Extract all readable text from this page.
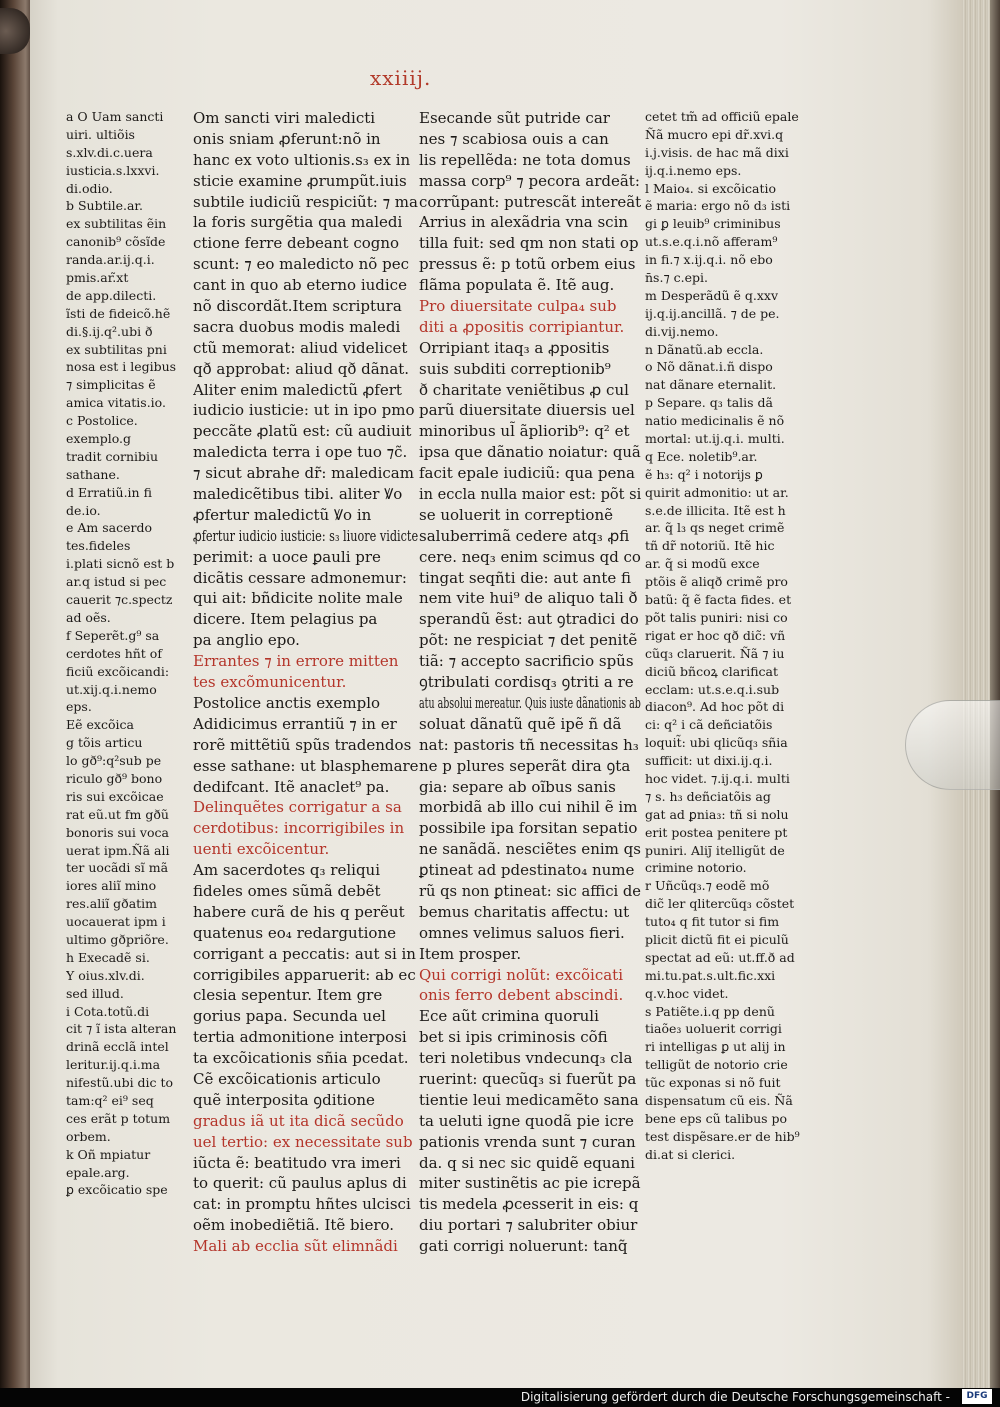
xxiiij.
a O Uam sancti
uiri. ultiõis
s.xlv.di.c.uera
iusticia.s.lxxvi.
di.odio.
b Subtile.ar.
ex subtilitas ẽin
canonib⁹ cõsĩde
randa.ar.ij.q.i.
pmis.ar.̃xt
de app.dilecti.
ĩsti de fideicõ.hẽ
di.§.ij.q².ubi ð
ex subtilitas pni
nosa est i legibus
⁊ simplicitas ẽ
amica vitatis.io.
c Postolice.
exemplo.g
tradit cornibiu
sathane.
d Erratiũ.in fi
de.io.
e Am sacerdo
tes.fideles
i.plati sicnõ est b
ar.q istud si pec
cauerit ⁊c.spectz
ad oẽs.
f Seperẽt.g⁹ sa
cerdotes hñt of
ficiũ excõicandi:
ut.xij.q.i.nemo
eps.
Eẽ excõica
g tõis articu
lo gð⁹:q²sub pe
riculo gð⁹ bono
ris sui excõicae
rat eũ.ut fm gðũ
bonoris sui voca
uerat ipm.Ñã ali
ter uocãdi sĩ mã
iores aliĩ mino
res.aliĩ gðatim
uocauerat ipm i
ultimo gðpriõre.
h Execadẽ si.
Y oius.xlv.di.
sed illud.
i Cota.totũ.di
cit ⁊ ĩ ista alteran
drinã ecclã intel
leritur.ij.q.i.ma
nifestũ.ubi dic to
tam:q² ei⁹ seq
ces erãt p totum
orbem.
k Oñ mpiatur
epale.arg.
ꝑ excõicatio spe
Om sancti viri maledicti
onis sniam ꝓferunt:nõ in
hanc ex voto ultionis.s₃ ex in
sticie examine ꝓrumpũt.iuis
subtile iudiciũ respiciũt: ⁊ ma
la foris surgẽtia qua maledi
ctione ferre debeant cogno
scunt: ⁊ eo maledicto nõ pec
cant in quo ab eterno iudice
nõ discordãt.Item scriptura
sacra duobus modis maledi
ctũ memorat: aliud videlicet
qð approbat: aliud qð dãnat.
Aliter enim maledictũ ꝓfert
iudicio iusticie: ut in ipo pmo
peccãte ꝓlatũ est: cũ audiuit
maledicta terra i ope tuo ⁊c̃.
⁊ sicut abrahe dr̃: maledicam
maledicẽtibus tibi. aliter Ꝟo
ꝓfertur maledictũ Ꝟo in
ꝓfertur iudicio iusticie: s₃ liuore vidicte
perimit: a uoce ꝑauli pre
dicãtis cessare admonemur:
qui ait: bñdicite nolite male
dicere. Item pelagius pa
pa anglio epo.
Errantes ⁊ in errore mitten
tes excõmunicentur.
Postolice anctis exemplo
Adidicimus errantiũ ⁊ in er
rorẽ mittẽtiũ spũs tradendos
esse sathane: ut blasphemare
dedifcant. Itẽ anaclet⁹ pa.
Delinquẽtes corrigatur a sa
cerdotibus: incorrigibiles in
uenti excõicentur.
Am sacerdotes q₃ reliqui
fideles omes sũmã debẽt
habere curã de his q perẽut
quatenus eo₄ redargutione
corrigant a peccatis: aut si in
corrigibiles apparuerit: ab ec
clesia sepentur. Item gre
gorius papa. Secunda uel
tertia admonitione interposi
ta excõicationis sñia pcedat.
Cẽ excõicationis articulo
quẽ interposita ꝯditione
gradus iã ut ita dicã secũdo
uel tertio: ex necessitate sub
iũcta ẽ: beatitudo vra imeri
to querit: cũ paulus aplus di
cat: in promptu hñtes ulcisci
oẽm inobediẽtiã. Itẽ biero.
Mali ab ecclia sũt elimnãdi
Esecande sũt putride car
nes ⁊ scabiosa ouis a can
lis repellẽda: ne tota domus
massa corp⁹ ⁊ pecora ardeãt:
corrũpant: putrescãt intereãt
Arrius in alexãdria vna scin
tilla fuit: sed qm non stati op
pressus ẽ: p totũ orbem eius
flãma populata ẽ. Itẽ aug.
Pro diuersitate culpa₄ sub
diti a ꝓpositis corripiantur.
Orripiant itaq₃ a ꝓpositis
suis subditi correptionib⁹
ð charitate veniẽtibus ꝓ cul
parũ diuersitate diuersis uel
minoribus ul̃ ãpliorib⁹: q² et
ipsa que dãnatio noiatur: quã
facit epale iudiciũ: qua pena
in eccla nulla maior est: põt si
se uoluerit in correptionẽ
saluberrimã cedere atq₃ ꝓfi
cere. neq₃ enim scimus qd co
tingat seqñti die: aut ante fi
nem vite hui⁹ de aliquo tali ð
sperandũ ẽst: aut ꝯtradici do
põt: ne respiciat ⁊ det penitẽ
tiã: ⁊ accepto sacrificio spũs
ꝯtribulati cordisq₃ ꝯtriti a re
atu absolui mereatur. Quis iuste dãnationis ab
soluat dãnatũ quẽ ipẽ ñ dã
nat: pastoris tñ necessitas h₃
ne p plures seperãt dira ꝯta
gia: separe ab oĩbus sanis
morbidã ab illo cui nihil ẽ im
possibile ipa forsitan sepatio
ne sanãdã. nesciẽtes enim qs
ꝑtineat ad pdestinato₄ nume
rũ qs non ꝑtineat: sic affici de
bemus charitatis affectu: ut
omnes velimus saluos fieri.
Item prosper.
Qui corrigi nolũt: excõicati
onis ferro debent abscindi.
Ece aũt crimina quoruli
bet si ipis criminosis cõfi
teri noletibus vndecunq₃ cla
ruerint: quecũq₃ si fuerũt pa
tientie leui medicamẽto sana
ta ueluti igne quodã pie icre
pationis vrenda sunt ⁊ curan
da. q si nec sic quidẽ equani
miter sustinẽtis ac pie icrepã
tis medela ꝓcesserit in eis: q
diu portari ⁊ salubriter obiur
gati corrigi noluerunt: tanq̃
cetet tm̃ ad officiũ epale
Ñã mucro epi dr̃.xvi.q
i.j.visis. de hac mã dixi
ij.q.i.nemo eps.
l Maio₄. si excõicatio
ẽ maria: ergo nõ d₃ isti
gi ꝑ leuib⁹ criminibus
ut.s.e.q.i.nõ afferam⁹
in fi.⁊ x.ij.q.i. nõ ebo
n̄s.⁊ c.epi.
m Desperãdũ ẽ q.xxv
ij.q.ij.ancillã. ⁊ de pe.
di.vij.nemo.
n Dãnatũ.ab eccla.
o Nõ dãnat.i.ñ dispo
nat dãnare eternalit.
p Separe. q₃ talis dã
natio medicinalis ẽ nõ
mortal: ut.ij.q.i. multi.
q Ece. noletib⁹.ar.
ẽ h₃: q² i notorijs ꝑ
quirit admonitio: ut ar.
s.e.de illicita. Itẽ est h
ar. q̃ l₃ qs neget crimẽ
tñ dr̃ notoriũ. Itẽ hic
ar. q̃ si modũ exce
ptõis ẽ aliqð crimẽ pro
batũ: q̃ ẽ facta fides. et
põt talis puniri: nisi co
rigat er hoc qð dic̃: vñ
cũq₃ claruerit. Ñã ⁊ iu
diciũ bñcoꝝ clarificat
ecclam: ut.s.e.q.i.sub
diacon⁹. Ad hoc põt di
ci: q² i cã deñciatõis
loquit̃: ubi qlicũq₃ sñia
sufficit: ut dixi.ij.q.i.
hoc videt. ⁊.ij.q.i. multi
⁊ s. h₃ deñciatõis ag
gat ad ꝑnia₃: tñ si nolu
erit postea penitere pt
puniri. Alij̄ itelligũt de
crimine notorio.
r Uñcũq₃.⁊ eodẽ mõ
dic̃ ler qlitercũq₃ cõstet
tuto₄ q fit tutor si fim
plicit dictũ fit ei piculũ
spectat ad eũ: ut.ff.ð ad
mi.tu.pat.s.ult.fic.xxi
q.v.hoc videt.
s Patiẽte.i.q pp denũ
tiaõe₃ uoluerit corrigi
ri intelligas ꝑ ut alij in
telligũt de notorio crie
tũc exponas si nõ fuit
dispensatum cũ eis. Ñã
bene eps cũ talibus po
test dispẽsare.er de hib⁹
di.at si clerici.
Digitalisierung gefördert durch die Deutsche Forschungsgemeinschaft -	DFG
